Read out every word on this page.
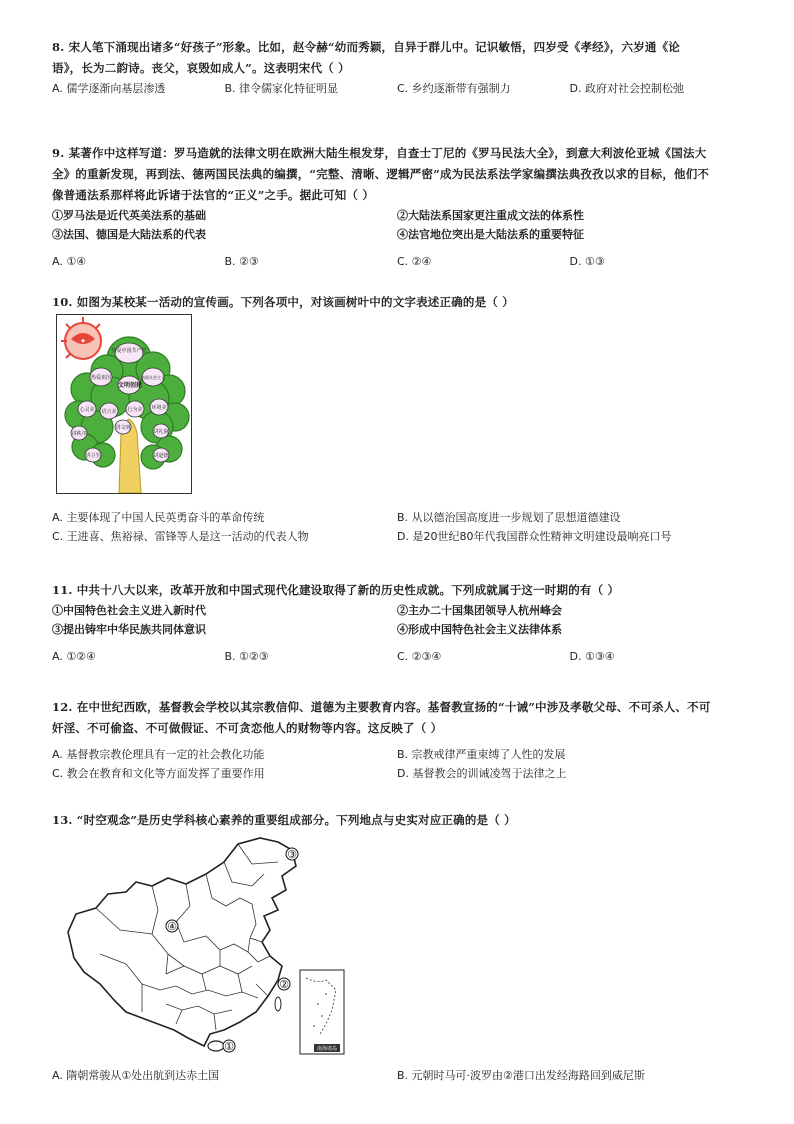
8. 宋人笔下涌现出诸多“好孩子”形象。比如，赵令赫“幼而秀颖，自异于群儿中。记识敏悟，四岁受《孝经》，六岁通《论
语》，长为二韵诗。丧父，哀毁如成人”。这表明宋代（ ）
A. 儒学逐渐向基层渗透	B. 律令儒家化特征明显	C. 乡约逐渐带有强制力	D. 政府对社会控制松弛
9. 某著作中这样写道：罗马造就的法律文明在欧洲大陆生根发芽，自查士丁尼的《罗马民法大全》，到意大利波伦亚城《国法大
全》的重新发现，再到法、德两国民法典的编撰，“完整、清晰、逻辑严密”成为民法系法学家编撰法典孜孜以求的目标，他们不
像普通法系那样将此诉诸于法官的“正义”之手。据此可知（ ）
①罗马法是近代英美法系的基础	②大陆法系国家更注重成文法的体系性
③法国、德国是大陆法系的代表	④法官地位突出是大陆法系的重要特征
A. ①④	B. ②③	C. ②④	D. ①③
10. 如图为某校某一活动的宣传画。下列各项中，对该画树叶中的文字表述正确的是（ ）
◆
热爱中国共产党
热爱祖国	热爱社会主义
心灵美 语言美 行为美 环境美
讲文明
讲礼貌
讲秩序
讲卫生	讲道德
文明创建
A. 主要体现了中国人民英勇奋斗的革命传统	B. 从以德治国高度进一步规划了思想道德建设
C. 王进喜、焦裕禄、雷锋等人是这一活动的代表人物	D. 是20世纪80年代我国群众性精神文明建设最响亮口号
11. 中共十八大以来，改革开放和中国式现代化建设取得了新的历史性成就。下列成就属于这一时期的有（ ）
①中国特色社会主义进入新时代	②主办二十国集团领导人杭州峰会
③提出铸牢中华民族共同体意识	④形成中国特色社会主义法律体系
A. ①②④	B. ①②③	C. ②③④	D. ①③④
12. 在中世纪西欧，基督教会学校以其宗教信仰、道德为主要教育内容。基督教宣扬的“十诫”中涉及孝敬父母、不可杀人、不可
奸淫、不可偷盗、不可做假证、不可贪恋他人的财物等内容。这反映了（ ）
A. 基督教宗教伦理具有一定的社会教化功能	B. 宗教戒律严重束缚了人性的发展
C. 教会在教育和文化等方面发挥了重要作用	D. 基督教会的训诫凌驾于法律之上
13. “时空观念”是历史学科核心素养的重要组成部分。下列地点与史实对应正确的是（ ）
①
②
③
④
南海诸岛
A. 隋朝常骏从①处出航到达赤土国	B. 元朝时马可·波罗由②港口出发经海路回到威尼斯
